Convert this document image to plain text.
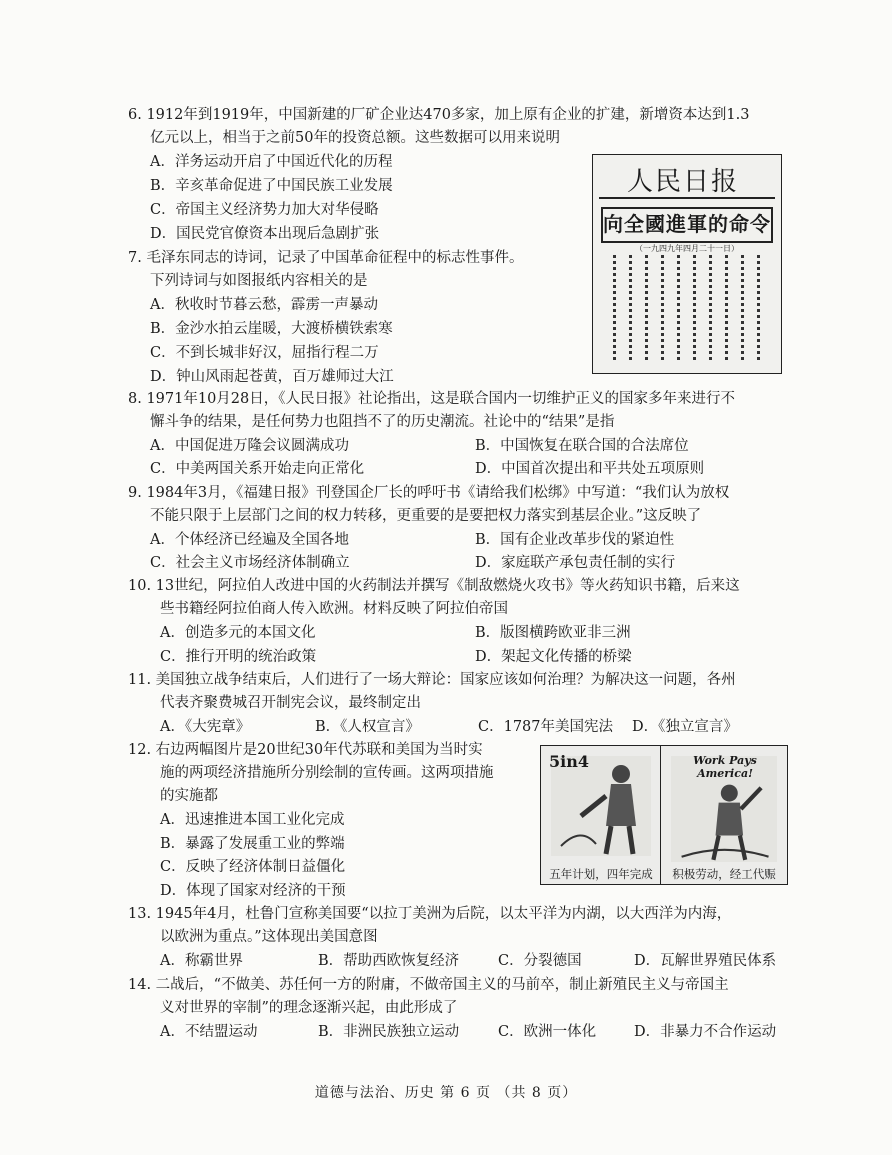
6. 1912年到1919年，中国新建的厂矿企业达470多家，加上原有企业的扩建，新增资本达到1.3
亿元以上，相当于之前50年的投资总额。这些数据可以用来说明
A．洋务运动开启了中国近代化的历程
B．辛亥革命促进了中国民族工业发展
C．帝国主义经济势力加大对华侵略
D．国民党官僚资本出现后急剧扩张
人民日报
向全國進軍的命令
（一九四九年四月二十一日）
7. 毛泽东同志的诗词，记录了中国革命征程中的标志性事件。
下列诗词与如图报纸内容相关的是
A．秋收时节暮云愁，霹雳一声暴动
B．金沙水拍云崖暖，大渡桥横铁索寒
C．不到长城非好汉，屈指行程二万
D．钟山风雨起苍黄，百万雄师过大江
8. 1971年10月28日，《人民日报》社论指出，这是联合国内一切维护正义的国家多年来进行不
懈斗争的结果，是任何势力也阻挡不了的历史潮流。社论中的“结果”是指
A．中国促进万隆会议圆满成功	B．中国恢复在联合国的合法席位
C．中美两国关系开始走向正常化	D．中国首次提出和平共处五项原则
9. 1984年3月，《福建日报》刊登国企厂长的呼吁书《请给我们松绑》中写道：“我们认为放权
不能只限于上层部门之间的权力转移，更重要的是要把权力落实到基层企业。”这反映了
A．个体经济已经遍及全国各地	B．国有企业改革步伐的紧迫性
C．社会主义市场经济体制确立	D．家庭联产承包责任制的实行
10. 13世纪，阿拉伯人改进中国的火药制法并撰写《制敌燃烧火攻书》等火药知识书籍，后来这
些书籍经阿拉伯商人传入欧洲。材料反映了阿拉伯帝国
A．创造多元的本国文化	B．版图横跨欧亚非三洲
C．推行开明的统治政策	D．架起文化传播的桥梁
11. 美国独立战争结束后，人们进行了一场大辩论：国家应该如何治理？为解决这一问题，各州
代表齐聚费城召开制宪会议，最终制定出
A．《大宪章》	B．《人权宣言》	C．1787年美国宪法 D．《独立宣言》
12. 右边两幅图片是20世纪30年代苏联和美国为当时实
施的两项经济措施所分别绘制的宣传画。这两项措施
的实施都
A．迅速推进本国工业化完成
B．暴露了发展重工业的弊端
C．反映了经济体制日益僵化
D．体现了国家对经济的干预
5in4
五年计划，四年完成
Work Pays America!
积极劳动，经工代赈
13. 1945年4月，杜鲁门宣称美国要“以拉丁美洲为后院，以太平洋为内湖，以大西洋为内海，
以欧洲为重点。”这体现出美国意图
A．称霸世界	B．帮助西欧恢复经济	C．分裂德国	D．瓦解世界殖民体系
14. 二战后，“不做美、苏任何一方的附庸，不做帝国主义的马前卒，制止新殖民主义与帝国主
义对世界的宰制”的理念逐渐兴起，由此形成了
A．不结盟运动	B．非洲民族独立运动	C．欧洲一体化	D．非暴力不合作运动
道德与法治、历史 第 6 页 （共 8 页）
